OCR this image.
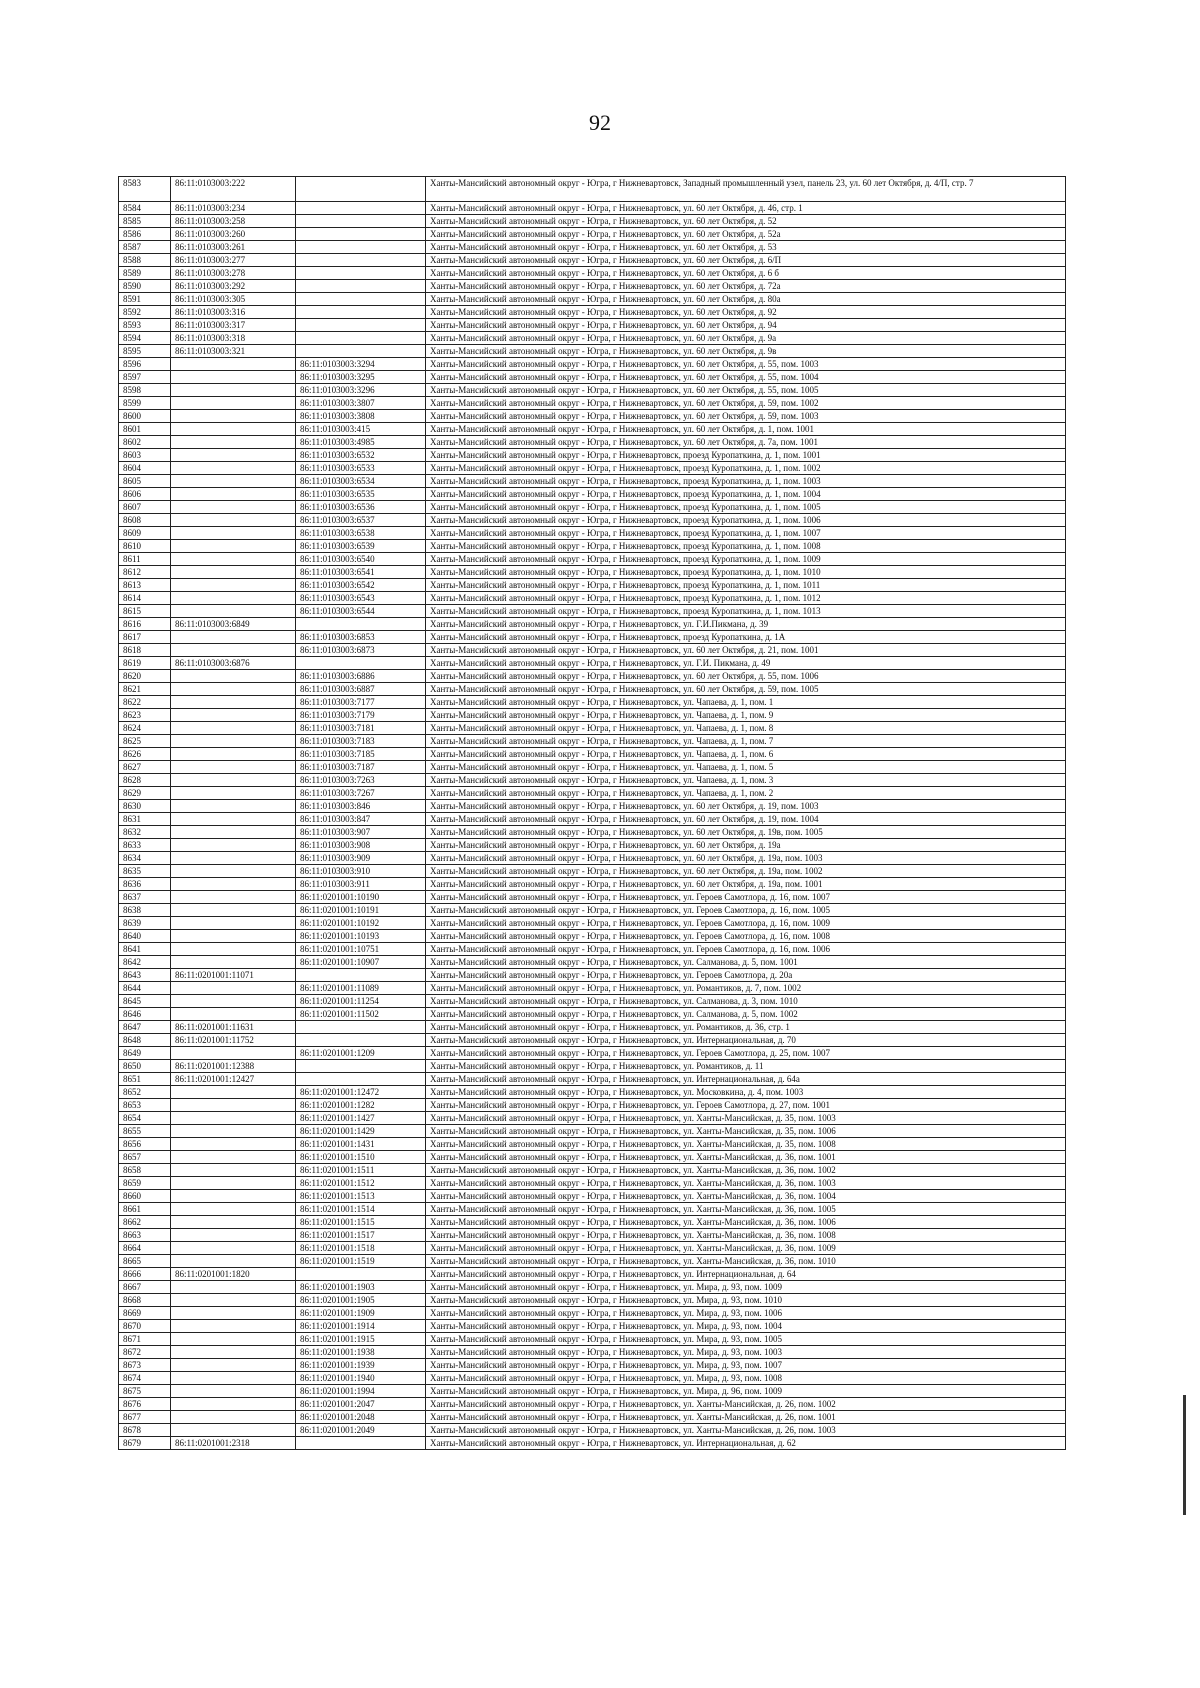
92
8583	86:11:0103003:222		Ханты-Мансийский автономный округ - Югра, г Нижневартовск, Западный промышленный узел, панель 23, ул. 60 лет Октября, д. 4/П, стр. 7
8584	86:11:0103003:234		Ханты-Мансийский автономный округ - Югра, г Нижневартовск, ул. 60 лет Октября, д. 46, стр. 1
8585	86:11:0103003:258		Ханты-Мансийский автономный округ - Югра, г Нижневартовск, ул. 60 лет Октября, д. 52
8586	86:11:0103003:260		Ханты-Мансийский автономный округ - Югра, г Нижневартовск, ул. 60 лет Октября, д. 52а
8587	86:11:0103003:261		Ханты-Мансийский автономный округ - Югра, г Нижневартовск, ул. 60 лет Октября, д. 53
8588	86:11:0103003:277		Ханты-Мансийский автономный округ - Югра, г Нижневартовск, ул. 60 лет Октября, д. 6/П
8589	86:11:0103003:278		Ханты-Мансийский автономный округ - Югра, г Нижневартовск, ул. 60 лет Октября, д. 6 б
8590	86:11:0103003:292		Ханты-Мансийский автономный округ - Югра, г Нижневартовск, ул. 60 лет Октября, д. 72а
8591	86:11:0103003:305		Ханты-Мансийский автономный округ - Югра, г Нижневартовск, ул. 60 лет Октября, д. 80а
8592	86:11:0103003:316		Ханты-Мансийский автономный округ - Югра, г Нижневартовск, ул. 60 лет Октября, д. 92
8593	86:11:0103003:317		Ханты-Мансийский автономный округ - Югра, г Нижневартовск, ул. 60 лет Октября, д. 94
8594	86:11:0103003:318		Ханты-Мансийский автономный округ - Югра, г Нижневартовск, ул. 60 лет Октября, д. 9а
8595	86:11:0103003:321		Ханты-Мансийский автономный округ - Югра, г Нижневартовск, ул. 60 лет Октября, д. 9в
8596		86:11:0103003:3294	Ханты-Мансийский автономный округ - Югра, г Нижневартовск, ул. 60 лет Октября, д. 55, пом. 1003
8597		86:11:0103003:3295	Ханты-Мансийский автономный округ - Югра, г Нижневартовск, ул. 60 лет Октября, д. 55, пом. 1004
8598		86:11:0103003:3296	Ханты-Мансийский автономный округ - Югра, г Нижневартовск, ул. 60 лет Октября, д. 55, пом. 1005
8599		86:11:0103003:3807	Ханты-Мансийский автономный округ - Югра, г Нижневартовск, ул. 60 лет Октября, д. 59, пом. 1002
8600		86:11:0103003:3808	Ханты-Мансийский автономный округ - Югра, г Нижневартовск, ул. 60 лет Октября, д. 59, пом. 1003
8601		86:11:0103003:415	Ханты-Мансийский автономный округ - Югра, г Нижневартовск, ул. 60 лет Октября, д. 1, пом. 1001
8602		86:11:0103003:4985	Ханты-Мансийский автономный округ - Югра, г Нижневартовск, ул. 60 лет Октября, д. 7а, пом. 1001
8603		86:11:0103003:6532	Ханты-Мансийский автономный округ - Югра, г Нижневартовск, проезд Куропаткина, д. 1, пом. 1001
8604		86:11:0103003:6533	Ханты-Мансийский автономный округ - Югра, г Нижневартовск, проезд Куропаткина, д. 1, пом. 1002
8605		86:11:0103003:6534	Ханты-Мансийский автономный округ - Югра, г Нижневартовск, проезд Куропаткина, д. 1, пом. 1003
8606		86:11:0103003:6535	Ханты-Мансийский автономный округ - Югра, г Нижневартовск, проезд Куропаткина, д. 1, пом. 1004
8607		86:11:0103003:6536	Ханты-Мансийский автономный округ - Югра, г Нижневартовск, проезд Куропаткина, д. 1, пом. 1005
8608		86:11:0103003:6537	Ханты-Мансийский автономный округ - Югра, г Нижневартовск, проезд Куропаткина, д. 1, пом. 1006
8609		86:11:0103003:6538	Ханты-Мансийский автономный округ - Югра, г Нижневартовск, проезд Куропаткина, д. 1, пом. 1007
8610		86:11:0103003:6539	Ханты-Мансийский автономный округ - Югра, г Нижневартовск, проезд Куропаткина, д. 1, пом. 1008
8611		86:11:0103003:6540	Ханты-Мансийский автономный округ - Югра, г Нижневартовск, проезд Куропаткина, д. 1, пом. 1009
8612		86:11:0103003:6541	Ханты-Мансийский автономный округ - Югра, г Нижневартовск, проезд Куропаткина, д. 1, пом. 1010
8613		86:11:0103003:6542	Ханты-Мансийский автономный округ - Югра, г Нижневартовск, проезд Куропаткина, д. 1, пом. 1011
8614		86:11:0103003:6543	Ханты-Мансийский автономный округ - Югра, г Нижневартовск, проезд Куропаткина, д. 1, пом. 1012
8615		86:11:0103003:6544	Ханты-Мансийский автономный округ - Югра, г Нижневартовск, проезд Куропаткина, д. 1, пом. 1013
8616	86:11:0103003:6849		Ханты-Мансийский автономный округ - Югра, г Нижневартовск, ул. Г.И.Пикмана, д. 39
8617		86:11:0103003:6853	Ханты-Мансийский автономный округ - Югра, г Нижневартовск, проезд Куропаткина, д. 1А
8618		86:11:0103003:6873	Ханты-Мансийский автономный округ - Югра, г Нижневартовск, ул. 60 лет Октября, д. 21, пом. 1001
8619	86:11:0103003:6876		Ханты-Мансийский автономный округ - Югра, г Нижневартовск, ул. Г.И. Пикмана, д. 49
8620		86:11:0103003:6886	Ханты-Мансийский автономный округ - Югра, г Нижневартовск, ул. 60 лет Октября, д. 55, пом. 1006
8621		86:11:0103003:6887	Ханты-Мансийский автономный округ - Югра, г Нижневартовск, ул. 60 лет Октября, д. 59, пом. 1005
8622		86:11:0103003:7177	Ханты-Мансийский автономный округ - Югра, г Нижневартовск, ул. Чапаева, д. 1, пом. 1
8623		86:11:0103003:7179	Ханты-Мансийский автономный округ - Югра, г Нижневартовск, ул. Чапаева, д. 1, пом. 9
8624		86:11:0103003:7181	Ханты-Мансийский автономный округ - Югра, г Нижневартовск, ул. Чапаева, д. 1, пом. 8
8625		86:11:0103003:7183	Ханты-Мансийский автономный округ - Югра, г Нижневартовск, ул. Чапаева, д. 1, пом. 7
8626		86:11:0103003:7185	Ханты-Мансийский автономный округ - Югра, г Нижневартовск, ул. Чапаева, д. 1, пом. 6
8627		86:11:0103003:7187	Ханты-Мансийский автономный округ - Югра, г Нижневартовск, ул. Чапаева, д. 1, пом. 5
8628		86:11:0103003:7263	Ханты-Мансийский автономный округ - Югра, г Нижневартовск, ул. Чапаева, д. 1, пом. 3
8629		86:11:0103003:7267	Ханты-Мансийский автономный округ - Югра, г Нижневартовск, ул. Чапаева, д. 1, пом. 2
8630		86:11:0103003:846	Ханты-Мансийский автономный округ - Югра, г Нижневартовск, ул. 60 лет Октября, д. 19, пом. 1003
8631		86:11:0103003:847	Ханты-Мансийский автономный округ - Югра, г Нижневартовск, ул. 60 лет Октября, д. 19, пом. 1004
8632		86:11:0103003:907	Ханты-Мансийский автономный округ - Югра, г Нижневартовск, ул. 60 лет Октября, д. 19в, пом. 1005
8633		86:11:0103003:908	Ханты-Мансийский автономный округ - Югра, г Нижневартовск, ул. 60 лет Октября, д. 19а
8634		86:11:0103003:909	Ханты-Мансийский автономный округ - Югра, г Нижневартовск, ул. 60 лет Октября, д. 19а, пом. 1003
8635		86:11:0103003:910	Ханты-Мансийский автономный округ - Югра, г Нижневартовск, ул. 60 лет Октября, д. 19а, пом. 1002
8636		86:11:0103003:911	Ханты-Мансийский автономный округ - Югра, г Нижневартовск, ул. 60 лет Октября, д. 19а, пом. 1001
8637		86:11:0201001:10190	Ханты-Мансийский автономный округ - Югра, г Нижневартовск, ул. Героев Самотлора, д. 16, пом. 1007
8638		86:11:0201001:10191	Ханты-Мансийский автономный округ - Югра, г Нижневартовск, ул. Героев Самотлора, д. 16, пом. 1005
8639		86:11:0201001:10192	Ханты-Мансийский автономный округ - Югра, г Нижневартовск, ул. Героев Самотлора, д. 16, пом. 1009
8640		86:11:0201001:10193	Ханты-Мансийский автономный округ - Югра, г Нижневартовск, ул. Героев Самотлора, д. 16, пом. 1008
8641		86:11:0201001:10751	Ханты-Мансийский автономный округ - Югра, г Нижневартовск, ул. Героев Самотлора, д. 16, пом. 1006
8642		86:11:0201001:10907	Ханты-Мансийский автономный округ - Югра, г Нижневартовск, ул. Салманова, д. 5, пом. 1001
8643	86:11:0201001:11071		Ханты-Мансийский автономный округ - Югра, г Нижневартовск, ул. Героев Самотлора, д. 20а
8644		86:11:0201001:11089	Ханты-Мансийский автономный округ - Югра, г Нижневартовск, ул. Романтиков, д. 7, пом. 1002
8645		86:11:0201001:11254	Ханты-Мансийский автономный округ - Югра, г Нижневартовск, ул. Салманова, д. 3, пом. 1010
8646		86:11:0201001:11502	Ханты-Мансийский автономный округ - Югра, г Нижневартовск, ул. Салманова, д. 5, пом. 1002
8647	86:11:0201001:11631		Ханты-Мансийский автономный округ - Югра, г Нижневартовск, ул. Романтиков, д. 36, стр. 1
8648	86:11:0201001:11752		Ханты-Мансийский автономный округ - Югра, г Нижневартовск, ул. Интернациональная, д. 70
8649		86:11:0201001:1209	Ханты-Мансийский автономный округ - Югра, г Нижневартовск, ул. Героев Самотлора, д. 25, пом. 1007
8650	86:11:0201001:12388		Ханты-Мансийский автономный округ - Югра, г Нижневартовск, ул. Романтиков, д. 11
8651	86:11:0201001:12427		Ханты-Мансийский автономный округ - Югра, г Нижневартовск, ул. Интернациональная, д. 64а
8652		86:11:0201001:12472	Ханты-Мансийский автономный округ - Югра, г Нижневартовск, ул. Московкина, д. 4, пом. 1003
8653		86:11:0201001:1282	Ханты-Мансийский автономный округ - Югра, г Нижневартовск, ул. Героев Самотлора, д. 27, пом. 1001
8654		86:11:0201001:1427	Ханты-Мансийский автономный округ - Югра, г Нижневартовск, ул. Ханты-Мансийская, д. 35, пом. 1003
8655		86:11:0201001:1429	Ханты-Мансийский автономный округ - Югра, г Нижневартовск, ул. Ханты-Мансийская, д. 35, пом. 1006
8656		86:11:0201001:1431	Ханты-Мансийский автономный округ - Югра, г Нижневартовск, ул. Ханты-Мансийская, д. 35, пом. 1008
8657		86:11:0201001:1510	Ханты-Мансийский автономный округ - Югра, г Нижневартовск, ул. Ханты-Мансийская, д. 36, пом. 1001
8658		86:11:0201001:1511	Ханты-Мансийский автономный округ - Югра, г Нижневартовск, ул. Ханты-Мансийская, д. 36, пом. 1002
8659		86:11:0201001:1512	Ханты-Мансийский автономный округ - Югра, г Нижневартовск, ул. Ханты-Мансийская, д. 36, пом. 1003
8660		86:11:0201001:1513	Ханты-Мансийский автономный округ - Югра, г Нижневартовск, ул. Ханты-Мансийская, д. 36, пом. 1004
8661		86:11:0201001:1514	Ханты-Мансийский автономный округ - Югра, г Нижневартовск, ул. Ханты-Мансийская, д. 36, пом. 1005
8662		86:11:0201001:1515	Ханты-Мансийский автономный округ - Югра, г Нижневартовск, ул. Ханты-Мансийская, д. 36, пом. 1006
8663		86:11:0201001:1517	Ханты-Мансийский автономный округ - Югра, г Нижневартовск, ул. Ханты-Мансийская, д. 36, пом. 1008
8664		86:11:0201001:1518	Ханты-Мансийский автономный округ - Югра, г Нижневартовск, ул. Ханты-Мансийская, д. 36, пом. 1009
8665		86:11:0201001:1519	Ханты-Мансийский автономный округ - Югра, г Нижневартовск, ул. Ханты-Мансийская, д. 36, пом. 1010
8666	86:11:0201001:1820		Ханты-Мансийский автономный округ - Югра, г Нижневартовск, ул. Интернациональная, д. 64
8667		86:11:0201001:1903	Ханты-Мансийский автономный округ - Югра, г Нижневартовск, ул. Мира, д. 93, пом. 1009
8668		86:11:0201001:1905	Ханты-Мансийский автономный округ - Югра, г Нижневартовск, ул. Мира, д. 93, пом. 1010
8669		86:11:0201001:1909	Ханты-Мансийский автономный округ - Югра, г Нижневартовск, ул. Мира, д. 93, пом. 1006
8670		86:11:0201001:1914	Ханты-Мансийский автономный округ - Югра, г Нижневартовск, ул. Мира, д. 93, пом. 1004
8671		86:11:0201001:1915	Ханты-Мансийский автономный округ - Югра, г Нижневартовск, ул. Мира, д. 93, пом. 1005
8672		86:11:0201001:1938	Ханты-Мансийский автономный округ - Югра, г Нижневартовск, ул. Мира, д. 93, пом. 1003
8673		86:11:0201001:1939	Ханты-Мансийский автономный округ - Югра, г Нижневартовск, ул. Мира, д. 93, пом. 1007
8674		86:11:0201001:1940	Ханты-Мансийский автономный округ - Югра, г Нижневартовск, ул. Мира, д. 93, пом. 1008
8675		86:11:0201001:1994	Ханты-Мансийский автономный округ - Югра, г Нижневартовск, ул. Мира, д. 96, пом. 1009
8676		86:11:0201001:2047	Ханты-Мансийский автономный округ - Югра, г Нижневартовск, ул. Ханты-Мансийская, д. 26, пом. 1002
8677		86:11:0201001:2048	Ханты-Мансийский автономный округ - Югра, г Нижневартовск, ул. Ханты-Мансийская, д. 26, пом. 1001
8678		86:11:0201001:2049	Ханты-Мансийский автономный округ - Югра, г Нижневартовск, ул. Ханты-Мансийская, д. 26, пом. 1003
8679	86:11:0201001:2318		Ханты-Мансийский автономный округ - Югра, г Нижневартовск, ул. Интернациональная, д. 62
